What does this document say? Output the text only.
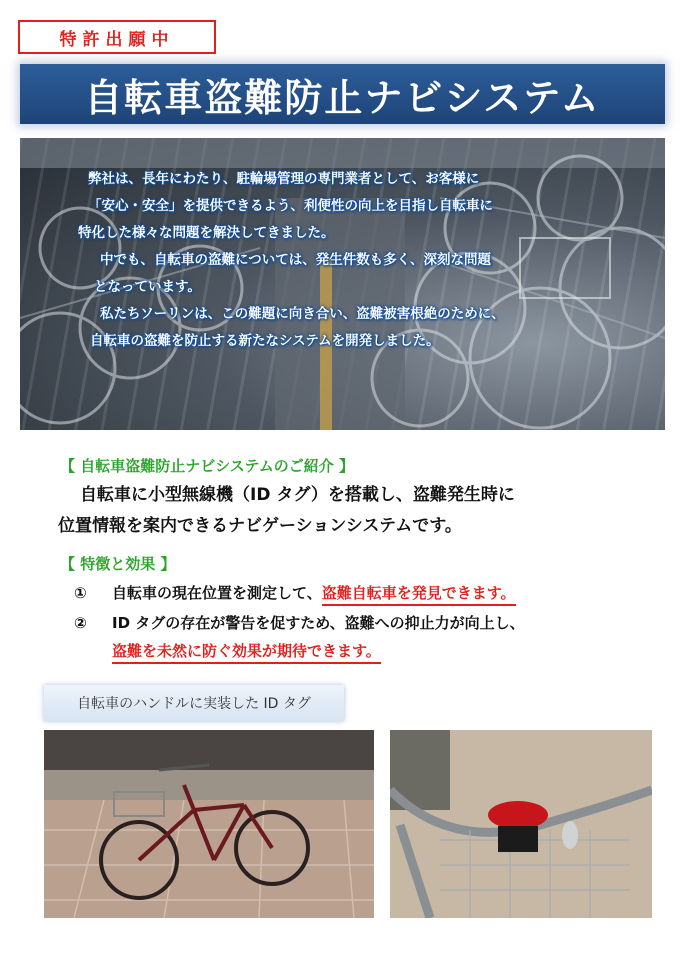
特許出願中
自転車盗難防止ナビシステム

弊社は、長年にわたり、駐輪場管理の専門業者として、お客様に

「安心・安全」を提供できるよう、利便性の向上を目指し自転車に

特化した様々な問題を解決してきました。

中でも、自転車の盗難については、発生件数も多く、深刻な問題

となっています。

私たちソーリンは、この難題に向き合い、盗難被害根絶のために、

自転車の盗難を防止する新たなシステムを開発しました。

【 自転車盗難防止ナビシステムのご紹介 】

自転車に小型無線機（ID タグ）を搭載し、盗難発生時に

位置情報を案内できるナビゲーションシステムです。

【 特徴と効果 】
① 自転車の現在位置を測定して、盗難自転車を発見できます。
② ID タグの存在が警告を促すため、盗難への抑止力が向上し、
盗難を未然に防ぐ効果が期待できます。
自転車のハンドルに実装した ID タグ
